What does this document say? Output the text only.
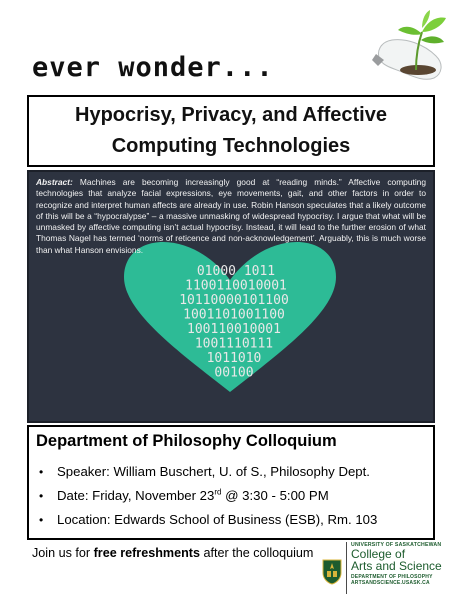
ever wonder...
Hypocrisy, Privacy, and Affective
Computing Technologies
01000 1011
1100110010001
10110000101100
1001101001100
100110010001
1001110111
1011010
00100
Abstract: Machines are becoming increasingly good at “reading minds.” Affective computing technologies that analyze facial expressions, eye movements, gait, and other factors in order to recognize and interpret human affects are already in use. Robin Hanson speculates that a likely outcome of this will be a “hypocralypse” – a massive unmasking of widespread hypocrisy. I argue that what will be unmasked by affective computing isn’t actual hypocrisy. Instead, it will lead to the further erosion of what Thomas Nagel has termed ‘norms of reticence and non-acknowledgement’. Arguably, this is much worse than what Hanson envisions.
Department of Philosophy Colloquium
• Speaker: William Buschert, U. of S., Philosophy Dept.
• Date: Friday, November 23rd @ 3:30 - 5:00 PM
• Location: Edwards School of Business (ESB), Rm. 103
Join us for free refreshments after the colloquium
UNIVERSITY OF SASKATCHEWAN
College of
Arts and Science
DEPARTMENT OF PHILOSOPHY
ARTSANDSCIENCE.USASK.CA
